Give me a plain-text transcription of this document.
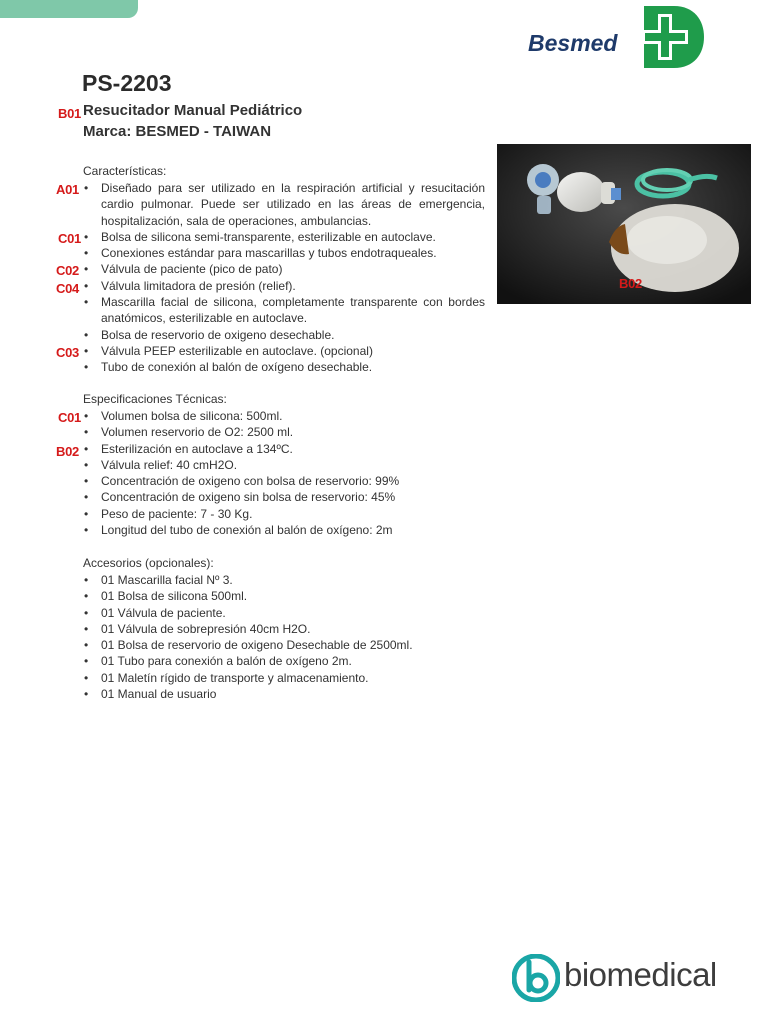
Besmed
PS-2203
B01 Resucitador Manual Pediátrico
Marca: BESMED - TAIWAN
Características:
• Diseñado para ser utilizado en la respiración artificial y resucitación cardio pulmonar. Puede ser utilizado en las áreas de emergencia, hospitalización, sala de operaciones, ambulancias.
• Bolsa de silicona semi-transparente, esterilizable en autoclave.
• Conexiones estándar para mascarillas y tubos endotraqueales.
• Válvula de paciente (pico de pato)
• Válvula limitadora de presión (relief).
• Mascarilla facial de silicona, completamente transparente con bordes anatómicos, esterilizable en autoclave.
• Bolsa de reservorio de oxigeno desechable.
• Válvula PEEP esterilizable en autoclave. (opcional)
• Tubo de conexión al balón de oxígeno desechable.
A01
C01
C02
C04
C03
Especificaciones Técnicas:
• Volumen bolsa de silicona: 500ml.
• Volumen reservorio de O2: 2500 ml.
• Esterilización en autoclave a 134ºC.
• Válvula relief: 40 cmH2O.
• Concentración de oxigeno con bolsa de reservorio: 99%
• Concentración de oxigeno sin bolsa de reservorio: 45%
• Peso de paciente: 7 - 30 Kg.
• Longitud del tubo de conexión al balón de oxígeno: 2m
C01
B02
Accesorios (opcionales):
• 01 Mascarilla facial Nº 3.
• 01 Bolsa de silicona 500ml.
• 01 Válvula de paciente.
• 01 Válvula de sobrepresión 40cm H2O.
• 01 Bolsa de reservorio de oxigeno Desechable de 2500ml.
• 01 Tubo para conexión a balón de oxígeno 2m.
• 01 Maletín rígido de transporte y almacenamiento.
• 01 Manual de usuario
B02
biomedical
